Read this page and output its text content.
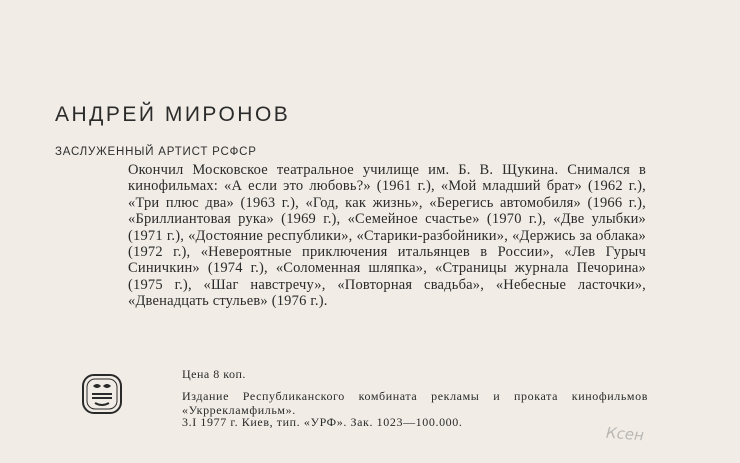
АНДРЕЙ МИРОНОВ
ЗАСЛУЖЕННЫЙ АРТИСТ РСФСР

Окончил Московское театральное училище им. Б. В. Щукина. Снимался в кинофильмах: «А если это любовь?» (1961 г.), «Мой младший брат» (1962 г.), «Три плюс два» (1963 г.), «Год, как жизнь», «Берегись автомобиля» (1966 г.), «Бриллиантовая рука» (1969 г.), «Семейное счастье» (1970 г.), «Две улыбки» (1971 г.), «Достояние республики», «Старики-разбойники», «Держись за облака» (1972 г.), «Невероятные приключения итальянцев в России», «Лев Гурыч Синичкин» (1974 г.), «Соломенная шляпка», «Страницы журнала Печорина» (1975 г.), «Шаг навстречу», «Повторная свадьба», «Небесные ласточки», «Двенадцать стульев» (1976 г.).

Цена 8 коп.

Издание Республиканского комбината рекламы и проката кинофильмов «Укрреклaмфильм».

3.I 1977 г. Киев, тип. «УРФ». Зак. 1023—100.000.
Ксен
